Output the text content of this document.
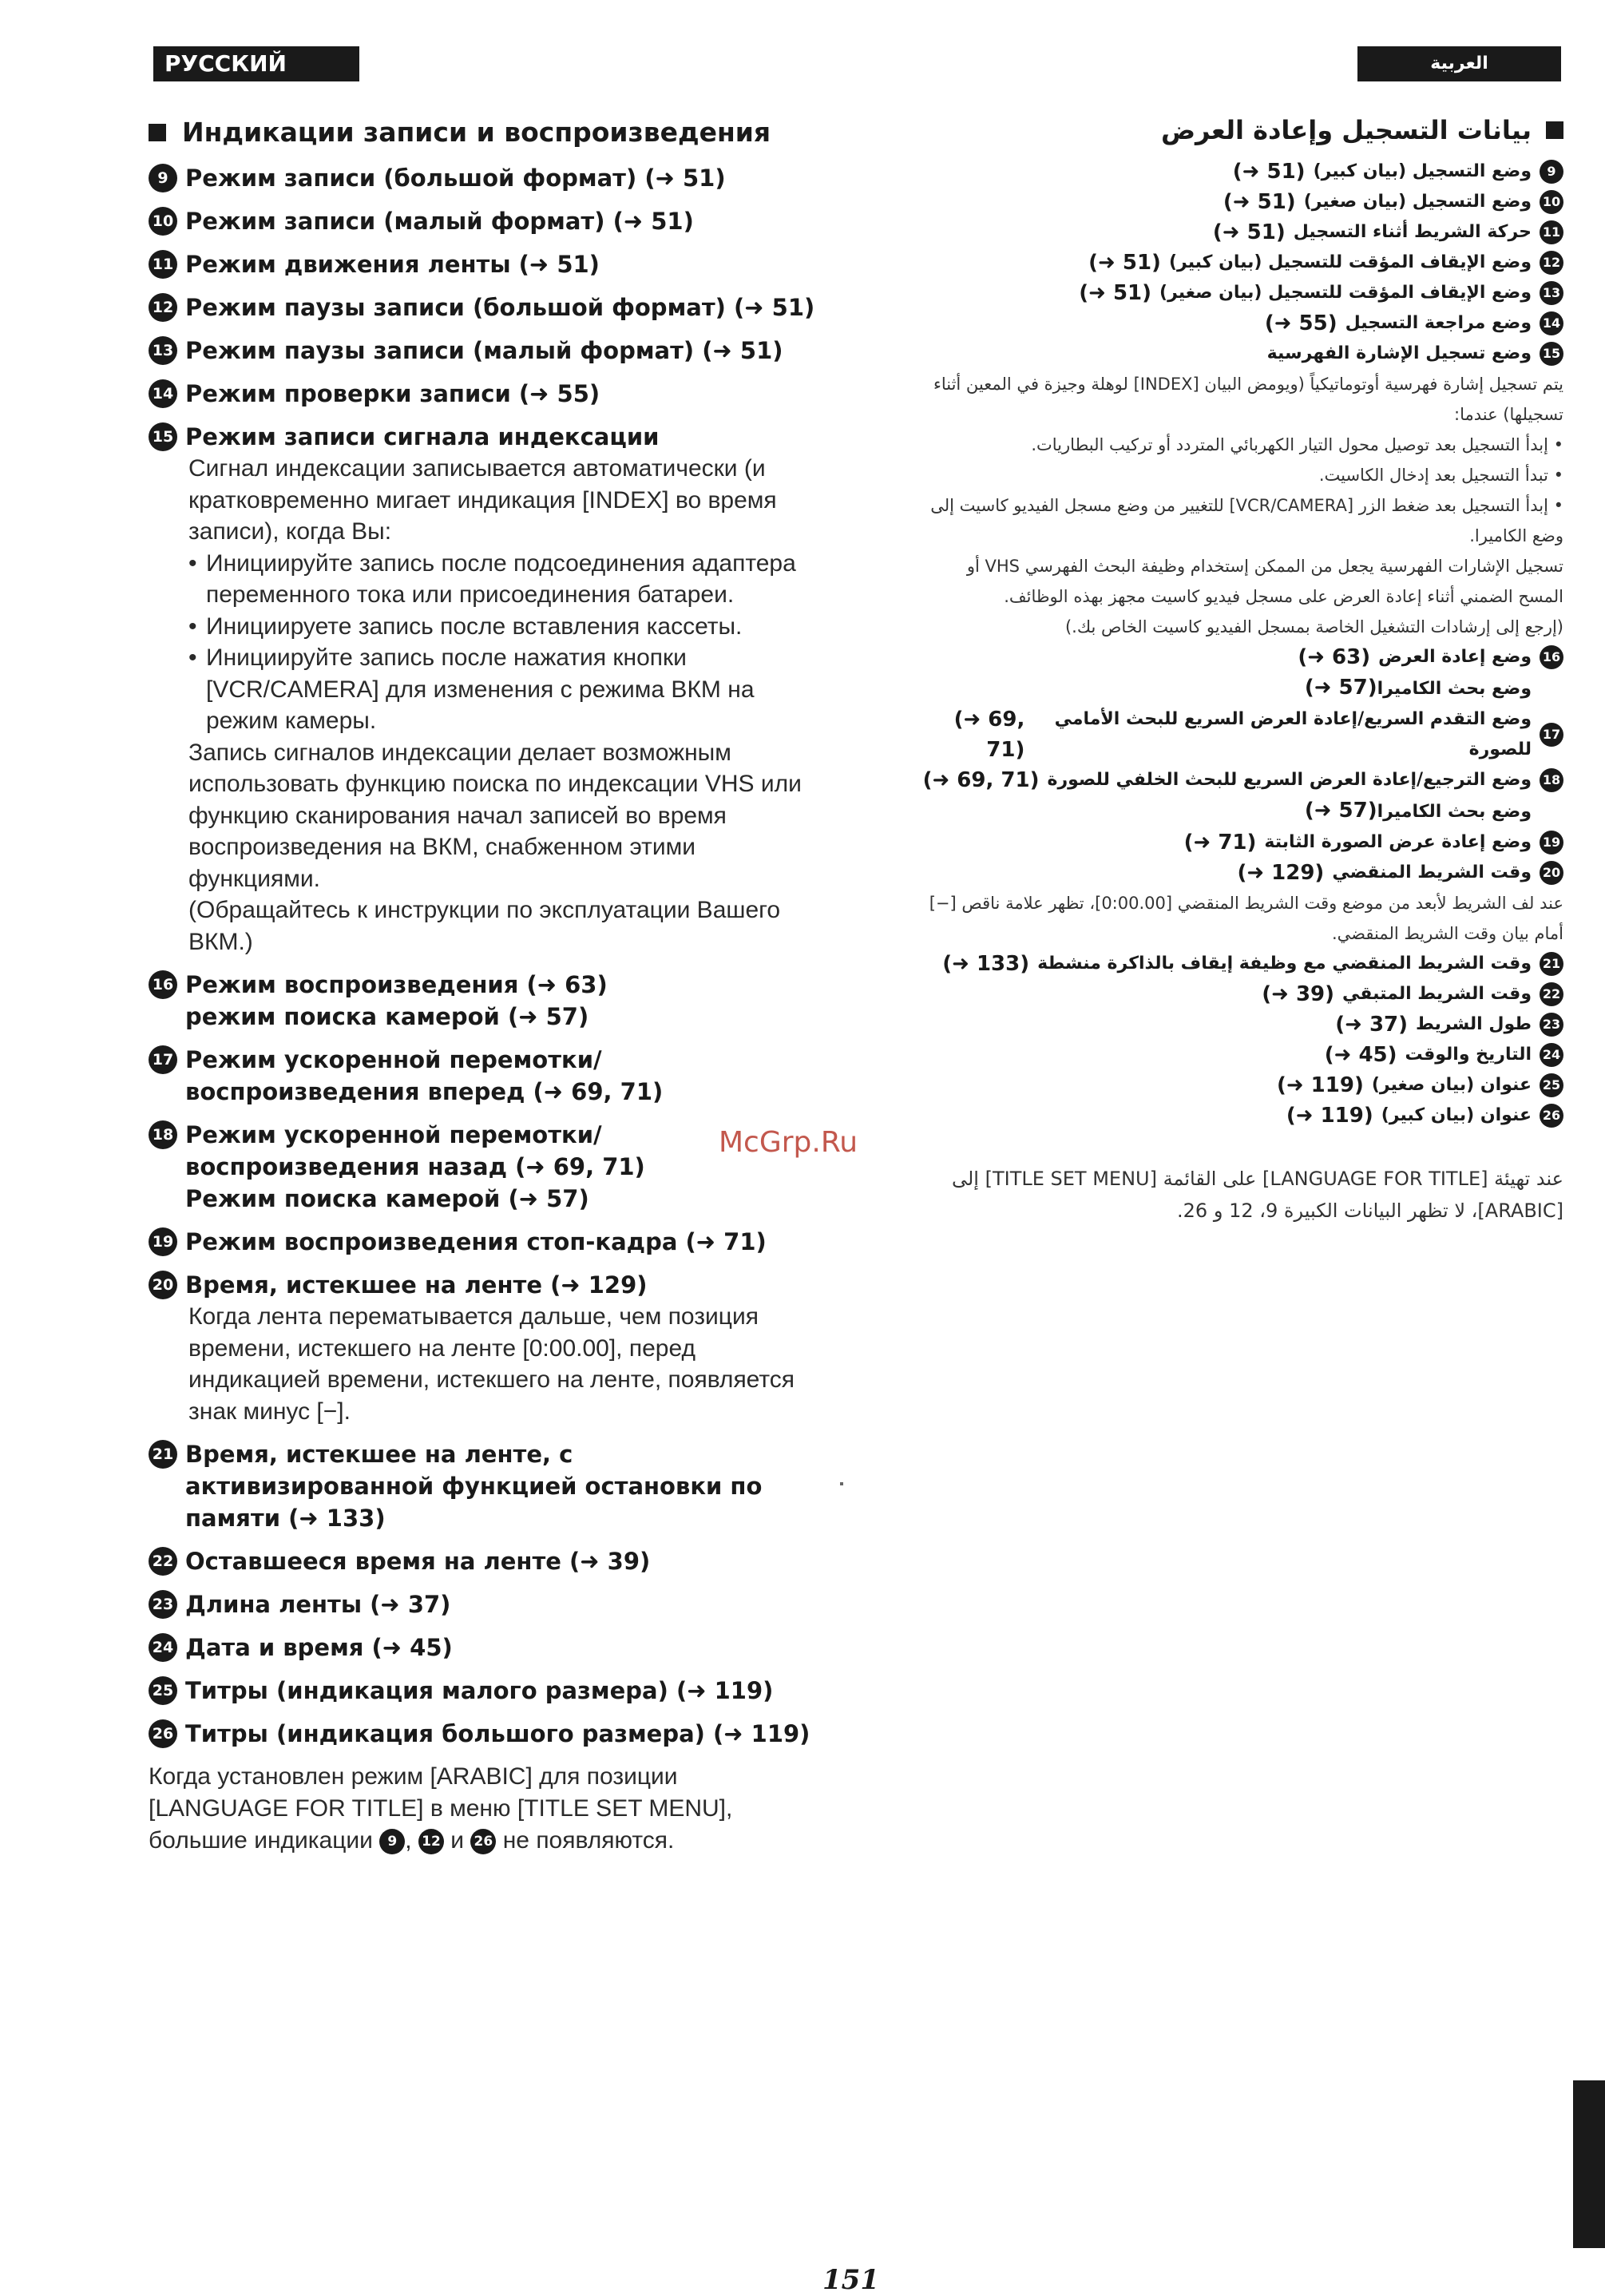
РУССКИЙ ЯЗЫК
العربية
Индикации записи и воспроизведения
9 Режим записи (большой формат) (➜ 51)
10 Режим записи (малый формат) (➜ 51)
11 Режим движения ленты (➜ 51)
12 Режим паузы записи (большой формат) (➜ 51)
13 Режим паузы записи (малый формат) (➜ 51)
14 Режим проверки записи (➜ 55)
15 Режим записи сигнала индексации

Сигнал индексации записывается автоматически (и кратковременно мигает индикация [INDEX] во время записи), когда Вы:

• Инициируйте запись после подсоединения адаптера переменного тока или присоединения батареи.
• Инициируете запись после вставления кассеты.
• Инициируйте запись после нажатия кнопки [VCR/CAMERA] для изменения с режима ВКМ на режим камеры.

Запись сигналов индексации делает возможным использовать функцию поиска по индексации VHS или функцию сканирования начал записей во время воспроизведения на ВКМ, снабженном этими функциями.

(Обращайтесь к инструкции по эксплуатации Вашего ВКМ.)

16 Режим воспроизведения (➜ 63)
режим поиска камерой (➜ 57)
17 Режим ускоренной перемотки/
воспроизведения вперед (➜ 69, 71)
18 Режим ускоренной перемотки/
воспроизведения назад (➜ 69, 71)
Режим поиска камерой (➜ 57)
19 Режим воспроизведения стоп-кадра (➜ 71)
20 Время, истекшее на ленте (➜ 129)
Когда лента перематывается дальше, чем позиция времени, истекшего на ленте [0:00.00], перед индикацией времени, истекшего на ленте, появляется знак минус [−].
21 Время, истекшее на ленте, с
активизированной функцией остановки по
памяти (➜ 133)
22 Оставшееся время на ленте (➜ 39)
23 Длина ленты (➜ 37)
24 Дата и время (➜ 45)
25 Титры (индикация малого размера) (➜ 119)
26 Титры (индикация большого размера) (➜ 119)
Когда установлен режим [ARABIC] для позиции [LANGUAGE FOR TITLE] в меню [TITLE SET MENU], большие индикации 9 , 12 и 26 не появляются.
بيانات التسجيل وإعادة العرض
9
وضع التسجيل (بيان كبير)
(➜ 51)
10
وضع التسجيل (بيان صغير)
(➜ 51)
11
حركة الشريط أثناء التسجيل
(➜ 51)
12
وضع الإيقاف المؤقت للتسجيل (بيان كبير)
(➜ 51)
13
وضع الإيقاف المؤقت للتسجيل (بيان صغير)
(➜ 51)
14
وضع مراجعة التسجيل
(➜ 55)
15
وضع تسجيل الإشارة الفهرسية
يتم تسجيل إشارة فهرسية أوتوماتيكياً (ويومض البيان [INDEX] لوهلة وجيزة في المعين أثناء تسجيلها) عندما:
• إبدأ التسجيل بعد توصيل محول التيار الكهربائي المتردد أو تركيب البطاريات.
• تبدأ التسجيل بعد إدخال الكاسيت.
• إبدأ التسجيل بعد ضغط الزر [VCR/CAMERA] للتغيير من وضع مسجل الفيديو كاسيت إلى وضع الكاميرا.
تسجيل الإشارات الفهرسية يجعل من الممكن إستخدام وظيفة البحث الفهرسي VHS أو المسح الضمني أثناء إعادة العرض على مسجل فيديو كاسيت مجهز بهذه الوظائف.
(إرجع إلى إرشادات التشغيل الخاصة بمسجل الفيديو كاسيت الخاص بك.)
16
وضع إعادة العرض
(➜ 63)
وضع بحث الكاميرا(➜ 57)
17
وضع التقدم السريع/إعادة العرض السريع للبحث الأمامي للصورة
(➜ 69, 71)
18
وضع الترجيع/إعادة العرض السريع للبحث الخلفي للصورة
(➜ 69, 71)
وضع بحث الكاميرا(➜ 57)
19
وضع إعادة عرض الصورة الثابتة
(➜ 71)
20
وقت الشريط المنقضي
(➜ 129)
عند لف الشريط لأبعد من موضع وقت الشريط المنقضي [0:00.00]، تظهر علامة ناقص [−] أمام بيان وقت الشريط المنقضي.
21
وقت الشريط المنقضي مع وظيفة إيقاف بالذاكرة منشطة
(➜ 133)
22
وقت الشريط المتبقي
(➜ 39)
23
طول الشريط
(➜ 37)
24
التاريخ والوقت
(➜ 45)
25
عنوان (بيان صغير)
(➜ 119)
26
عنوان (بيان كبير)
(➜ 119)
عند تهيئة [LANGUAGE FOR TITLE] على القائمة [TITLE SET MENU] إلى [ARABIC]، لا تظهر البيانات الكبيرة 9، 12 و 26.
McGrp.Ru
151
